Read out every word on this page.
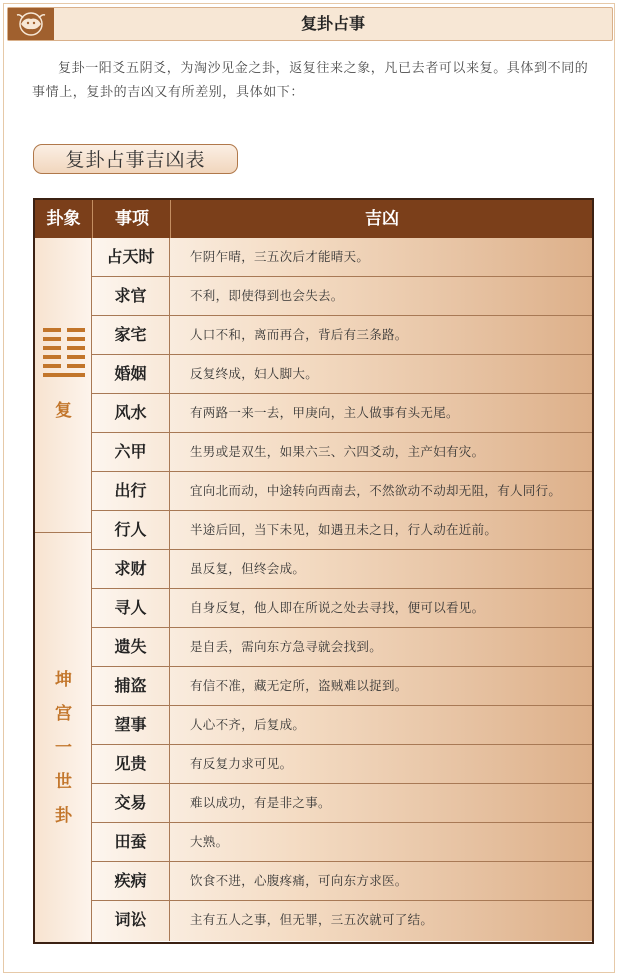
复卦占事

复卦一阳爻五阴爻，为淘沙见金之卦，返复往来之象，凡已去者可以来复。具体到不同的事情上，复卦的吉凶又有所差别，具体如下：

复卦占事吉凶表
卦象	事项	吉凶
复
坤
宫
一
世
卦
占天时	乍阴乍晴，三五次后才能晴天。
求官	不利，即使得到也会失去。
家宅	人口不和，离而再合，背后有三条路。
婚姻	反复终成，妇人脚大。
风水	有两路一来一去，甲庚向，主人做事有头无尾。
六甲	生男或是双生，如果六三、六四爻动，主产妇有灾。
出行	宜向北而动，中途转向西南去，不然欲动不动却无阻，有人同行。
行人	半途后回，当下未见，如遇丑未之日，行人动在近前。
求财	虽反复，但终会成。
寻人	自身反复，他人即在所说之处去寻找，便可以看见。
遗失	是自丢，需向东方急寻就会找到。
捕盗	有信不准，藏无定所，盗贼难以捉到。
望事	人心不齐，后复成。
见贵	有反复力求可见。
交易	难以成功，有是非之事。
田蚕	大熟。
疾病	饮食不进，心腹疼痛，可向东方求医。
词讼	主有五人之事，但无罪，三五次就可了结。
